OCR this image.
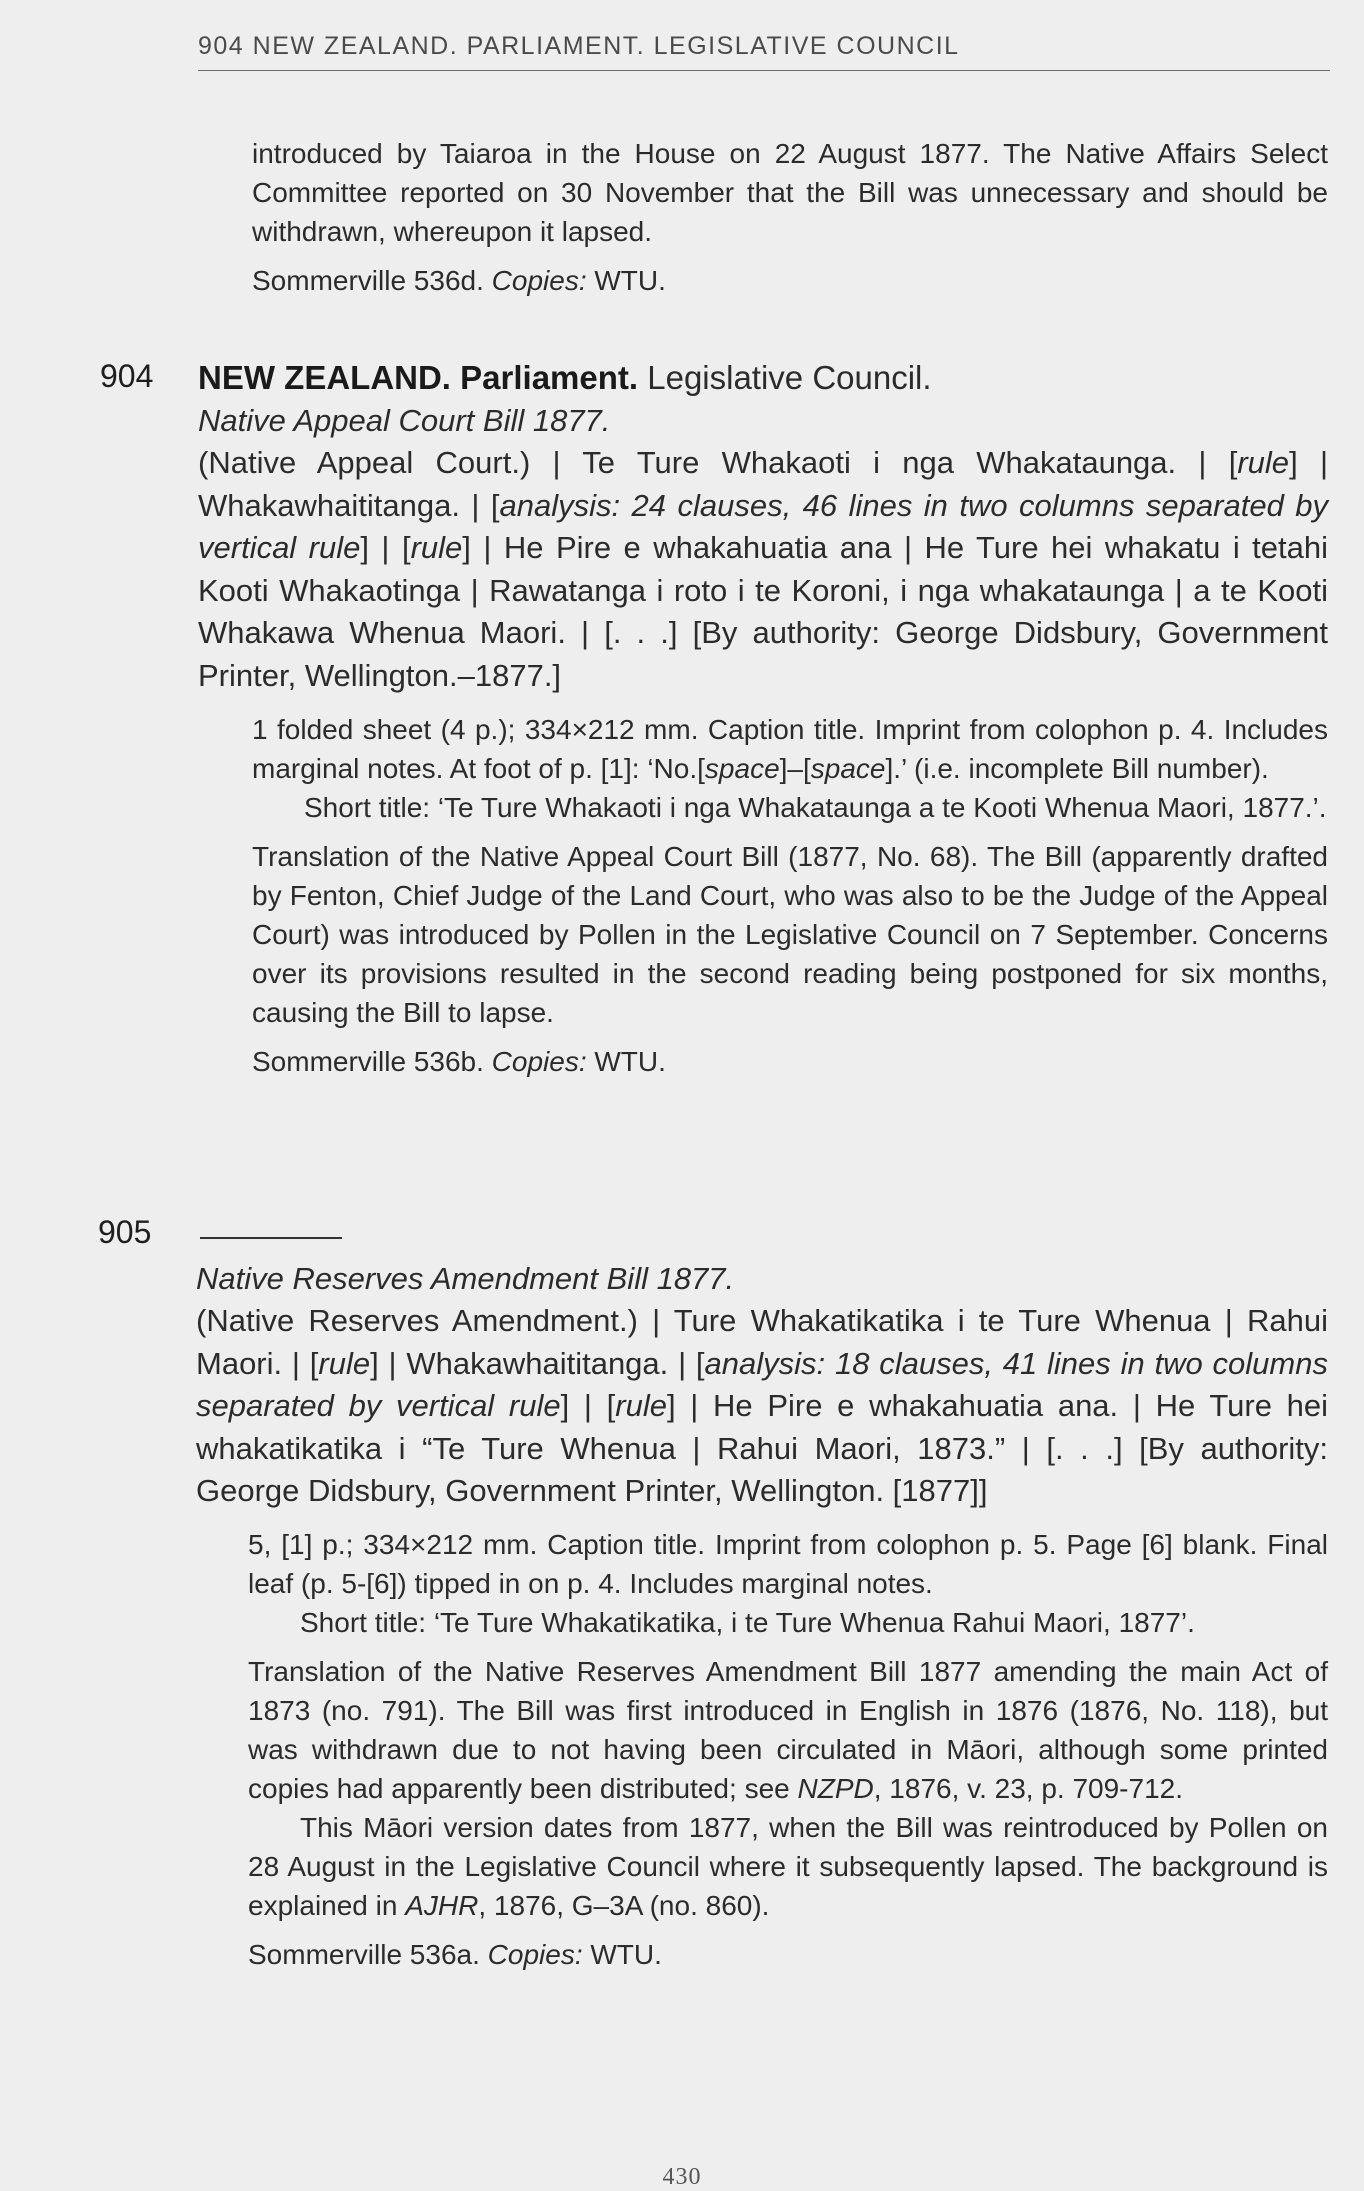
904 NEW ZEALAND. PARLIAMENT. LEGISLATIVE COUNCIL

introduced by Taiaroa in the House on 22 August 1877. The Native Affairs Select Committee reported on 30 November that the Bill was unnecessary and should be withdrawn, whereupon it lapsed.

Sommerville 536d. Copies: WTU.

904 NEW ZEALAND. Parliament. Legislative Council.

Native Appeal Court Bill 1877.

(Native Appeal Court.) | Te Ture Whakaoti i nga Whakataunga. | [rule] | Whakawhaititanga. | [analysis: 24 clauses, 46 lines in two columns separated by vertical rule] | [rule] | He Pire e whakahuatia ana | He Ture hei whakatu i tetahi Kooti Whakaotinga | Rawatanga i roto i te Koroni, i nga whakataunga | a te Kooti Whakawa Whenua Maori. | [. . .] [By authority: George Didsbury, Government Printer, Wellington.–1877.]

1 folded sheet (4 p.); 334×212 mm. Caption title. Imprint from colophon p. 4. Includes marginal notes. At foot of p. [1]: ‘No.[space]–[space].’ (i.e. incomplete Bill number).

Short title: ‘Te Ture Whakaoti i nga Whakataunga a te Kooti Whenua Maori, 1877.’.

Translation of the Native Appeal Court Bill (1877, No. 68). The Bill (apparently drafted by Fenton, Chief Judge of the Land Court, who was also to be the Judge of the Appeal Court) was introduced by Pollen in the Legislative Council on 7 September. Concerns over its provisions resulted in the second reading being postponed for six months, causing the Bill to lapse.

Sommerville 536b. Copies: WTU.

905

Native Reserves Amendment Bill 1877.

(Native Reserves Amendment.) | Ture Whakatikatika i te Ture Whenua | Rahui Maori. | [rule] | Whakawhaititanga. | [analysis: 18 clauses, 41 lines in two columns separated by vertical rule] | [rule] | He Pire e whakahuatia ana. | He Ture hei whakatikatika i “Te Ture Whenua | Rahui Maori, 1873.” | [. . .] [By authority: George Didsbury, Government Printer, Wellington. [1877]]

5, [1] p.; 334×212 mm. Caption title. Imprint from colophon p. 5. Page [6] blank. Final leaf (p. 5-[6]) tipped in on p. 4. Includes marginal notes.

Short title: ‘Te Ture Whakatikatika, i te Ture Whenua Rahui Maori, 1877’.

Translation of the Native Reserves Amendment Bill 1877 amending the main Act of 1873 (no. 791). The Bill was first introduced in English in 1876 (1876, No. 118), but was withdrawn due to not having been circulated in Māori, although some printed copies had apparently been distributed; see NZPD, 1876, v. 23, p. 709-712.

This Māori version dates from 1877, when the Bill was reintroduced by Pollen on 28 August in the Legislative Council where it subsequently lapsed. The background is explained in AJHR, 1876, G–3A (no. 860).

Sommerville 536a. Copies: WTU.

430
